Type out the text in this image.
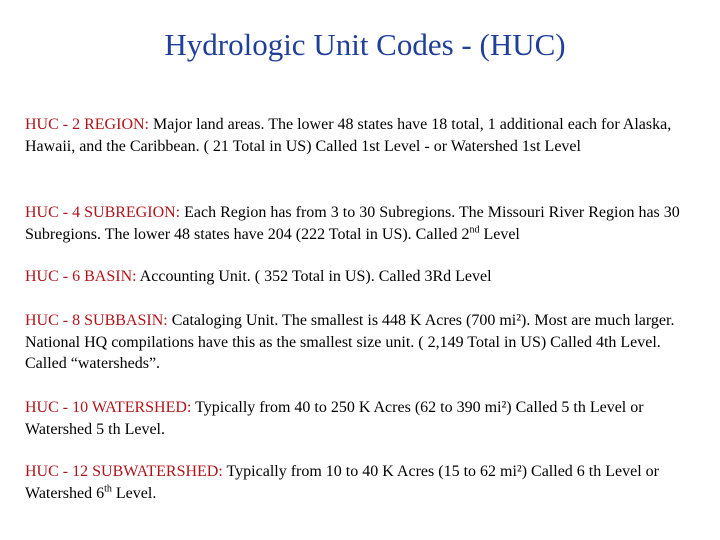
Hydrologic Unit Codes - (HUC)

HUC - 2 REGION: Major land areas. The lower 48 states have 18 total, 1 additional each for Alaska, Hawaii, and the Caribbean. ( 21 Total in US) Called 1st Level - or Watershed 1st Level

HUC - 4 SUBREGION: Each Region has from 3 to 30 Subregions. The Missouri River Region has 30 Subregions. The lower 48 states have 204 (222 Total in US). Called 2nd Level

HUC - 6 BASIN: Accounting Unit. ( 352 Total in US). Called 3Rd Level

HUC - 8 SUBBASIN: Cataloging Unit. The smallest is 448 K Acres (700 mi²). Most are much larger. National HQ compilations have this as the smallest size unit. ( 2,149 Total in US) Called 4th Level. Called “watersheds”.

HUC - 10 WATERSHED: Typically from 40 to 250 K Acres (62 to 390 mi²) Called 5 th Level or Watershed 5 th Level.

HUC - 12 SUBWATERSHED: Typically from 10 to 40 K Acres (15 to 62 mi²) Called 6 th Level or Watershed 6th Level.
